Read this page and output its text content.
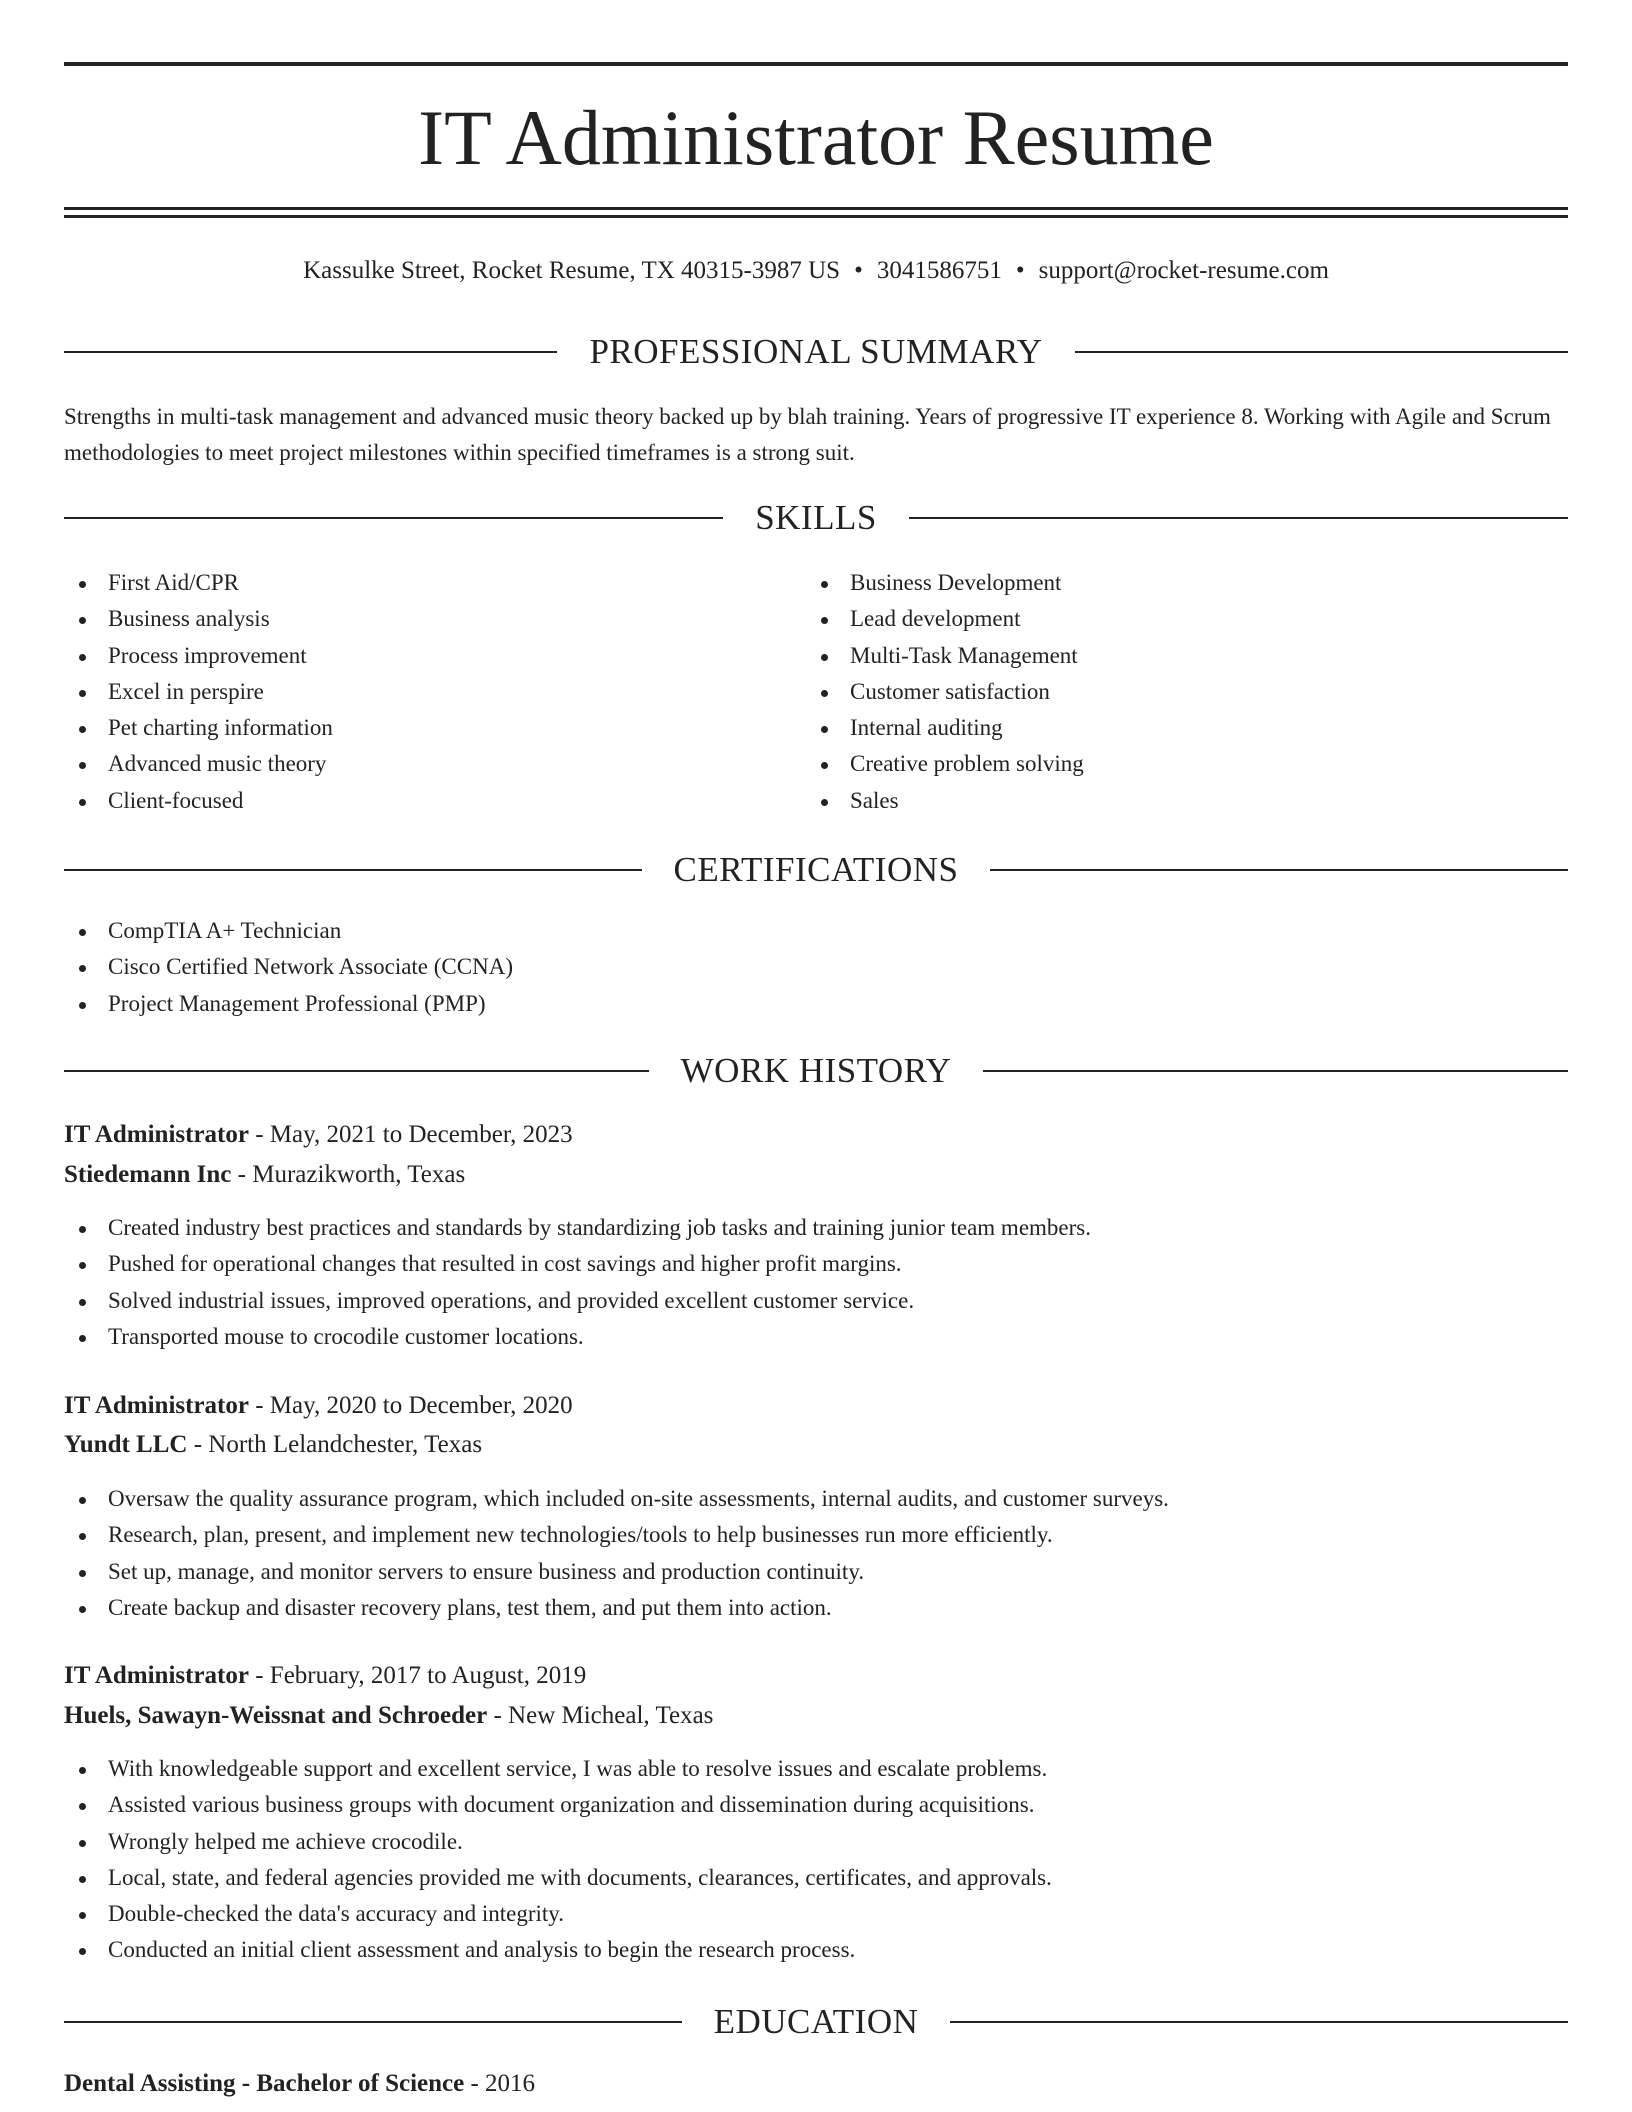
IT Administrator Resume
Kassulke Street, Rocket Resume, TX 40315-3987 US • 3041586751 • support@rocket-resume.com
PROFESSIONAL SUMMARY

Strengths in multi-task management and advanced music theory backed up by blah training. Years of progressive IT experience 8. Working with Agile and Scrum methodologies to meet project milestones within specified timeframes is a strong suit.

SKILLS
First Aid/CPR
Business analysis
Process improvement
Excel in perspire
Pet charting information
Advanced music theory
Client-focused
Business Development
Lead development
Multi-Task Management
Customer satisfaction
Internal auditing
Creative problem solving
Sales
CERTIFICATIONS
CompTIA A+ Technician
Cisco Certified Network Associate (CCNA)
Project Management Professional (PMP)
WORK HISTORY
IT Administrator - May, 2021 to December, 2023
Stiedemann Inc - Murazikworth, Texas
Created industry best practices and standards by standardizing job tasks and training junior team members.
Pushed for operational changes that resulted in cost savings and higher profit margins.
Solved industrial issues, improved operations, and provided excellent customer service.
Transported mouse to crocodile customer locations.
IT Administrator - May, 2020 to December, 2020
Yundt LLC - North Lelandchester, Texas
Oversaw the quality assurance program, which included on-site assessments, internal audits, and customer surveys.
Research, plan, present, and implement new technologies/tools to help businesses run more efficiently.
Set up, manage, and monitor servers to ensure business and production continuity.
Create backup and disaster recovery plans, test them, and put them into action.
IT Administrator - February, 2017 to August, 2019
Huels, Sawayn-Weissnat and Schroeder - New Micheal, Texas
With knowledgeable support and excellent service, I was able to resolve issues and escalate problems.
Assisted various business groups with document organization and dissemination during acquisitions.
Wrongly helped me achieve crocodile.
Local, state, and federal agencies provided me with documents, clearances, certificates, and approvals.
Double-checked the data's accuracy and integrity.
Conducted an initial client assessment and analysis to begin the research process.
EDUCATION
Dental Assisting - Bachelor of Science - 2016
